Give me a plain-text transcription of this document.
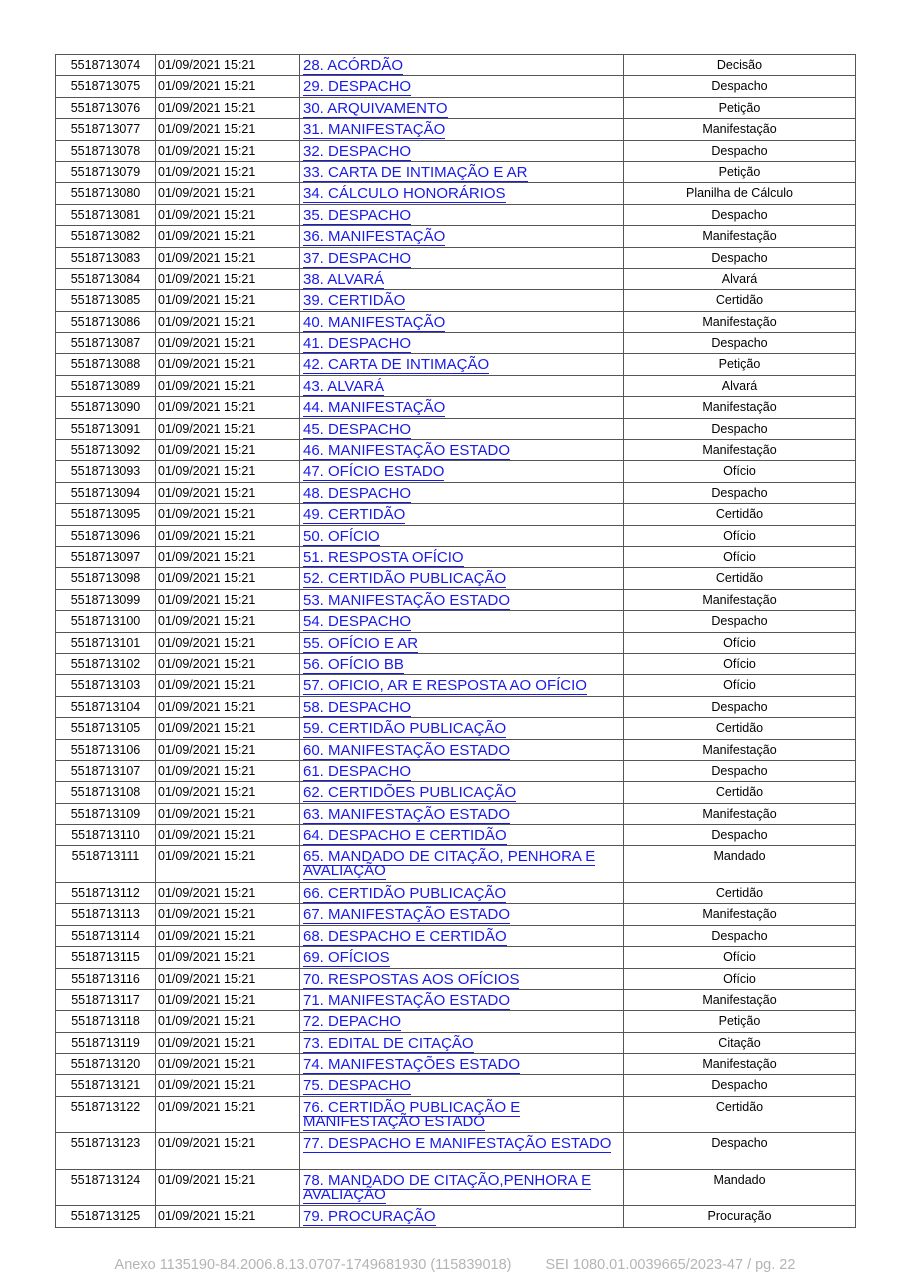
5518713074	01/09/2021 15:21	28. ACÓRDÃO	Decisão
5518713075	01/09/2021 15:21	29. DESPACHO	Despacho
5518713076	01/09/2021 15:21	30. ARQUIVAMENTO	Petição
5518713077	01/09/2021 15:21	31. MANIFESTAÇÃO	Manifestação
5518713078	01/09/2021 15:21	32. DESPACHO	Despacho
5518713079	01/09/2021 15:21	33. CARTA DE INTIMAÇÃO E AR	Petição
5518713080	01/09/2021 15:21	34. CÁLCULO HONORÁRIOS	Planilha de Cálculo
5518713081	01/09/2021 15:21	35. DESPACHO	Despacho
5518713082	01/09/2021 15:21	36. MANIFESTAÇÃO	Manifestação
5518713083	01/09/2021 15:21	37. DESPACHO	Despacho
5518713084	01/09/2021 15:21	38. ALVARÁ	Alvará
5518713085	01/09/2021 15:21	39. CERTIDÃO	Certidão
5518713086	01/09/2021 15:21	40. MANIFESTAÇÃO	Manifestação
5518713087	01/09/2021 15:21	41. DESPACHO	Despacho
5518713088	01/09/2021 15:21	42. CARTA DE INTIMAÇÃO	Petição
5518713089	01/09/2021 15:21	43. ALVARÁ	Alvará
5518713090	01/09/2021 15:21	44. MANIFESTAÇÃO	Manifestação
5518713091	01/09/2021 15:21	45. DESPACHO	Despacho
5518713092	01/09/2021 15:21	46. MANIFESTAÇÃO ESTADO	Manifestação
5518713093	01/09/2021 15:21	47. OFÍCIO ESTADO	Ofício
5518713094	01/09/2021 15:21	48. DESPACHO	Despacho
5518713095	01/09/2021 15:21	49. CERTIDÃO	Certidão
5518713096	01/09/2021 15:21	50. OFÍCIO	Ofício
5518713097	01/09/2021 15:21	51. RESPOSTA OFÍCIO	Ofício
5518713098	01/09/2021 15:21	52. CERTIDÃO PUBLICAÇÃO	Certidão
5518713099	01/09/2021 15:21	53. MANIFESTAÇÃO ESTADO	Manifestação
5518713100	01/09/2021 15:21	54. DESPACHO	Despacho
5518713101	01/09/2021 15:21	55. OFÍCIO E AR	Ofício
5518713102	01/09/2021 15:21	56. OFÍCIO BB	Ofício
5518713103	01/09/2021 15:21	57. OFICIO, AR E RESPOSTA AO OFÍCIO	Ofício
5518713104	01/09/2021 15:21	58. DESPACHO	Despacho
5518713105	01/09/2021 15:21	59. CERTIDÃO PUBLICAÇÃO	Certidão
5518713106	01/09/2021 15:21	60. MANIFESTAÇÃO ESTADO	Manifestação
5518713107	01/09/2021 15:21	61. DESPACHO	Despacho
5518713108	01/09/2021 15:21	62. CERTIDÕES PUBLICAÇÃO	Certidão
5518713109	01/09/2021 15:21	63. MANIFESTAÇÃO ESTADO	Manifestação
5518713110	01/09/2021 15:21	64. DESPACHO E CERTIDÃO	Despacho
5518713111	01/09/2021 15:21	65. MANDADO DE CITAÇÃO, PENHORA E AVALIAÇÃO	Mandado
5518713112	01/09/2021 15:21	66. CERTIDÃO PUBLICAÇÃO	Certidão
5518713113	01/09/2021 15:21	67. MANIFESTAÇÃO ESTADO	Manifestação
5518713114	01/09/2021 15:21	68. DESPACHO E CERTIDÃO	Despacho
5518713115	01/09/2021 15:21	69. OFÍCIOS	Ofício
5518713116	01/09/2021 15:21	70. RESPOSTAS AOS OFÍCIOS	Ofício
5518713117	01/09/2021 15:21	71. MANIFESTAÇÃO ESTADO	Manifestação
5518713118	01/09/2021 15:21	72. DEPACHO	Petição
5518713119	01/09/2021 15:21	73. EDITAL DE CITAÇÃO	Citação
5518713120	01/09/2021 15:21	74. MANIFESTAÇÕES ESTADO	Manifestação
5518713121	01/09/2021 15:21	75. DESPACHO	Despacho
5518713122	01/09/2021 15:21	76. CERTIDÃO PUBLICAÇÃO E MANIFESTAÇÃO ESTADO	Certidão
5518713123	01/09/2021 15:21	77. DESPACHO E MANIFESTAÇÃO ESTADO	Despacho
5518713124	01/09/2021 15:21	78. MANDADO DE CITAÇÃO,PENHORA E AVALIAÇÃO	Mandado
5518713125	01/09/2021 15:21	79. PROCURAÇÃO	Procuração
Anexo 1135190-84.2006.8.13.0707-1749681930 (115839018) SEI 1080.01.0039665/2023-47 / pg. 22
